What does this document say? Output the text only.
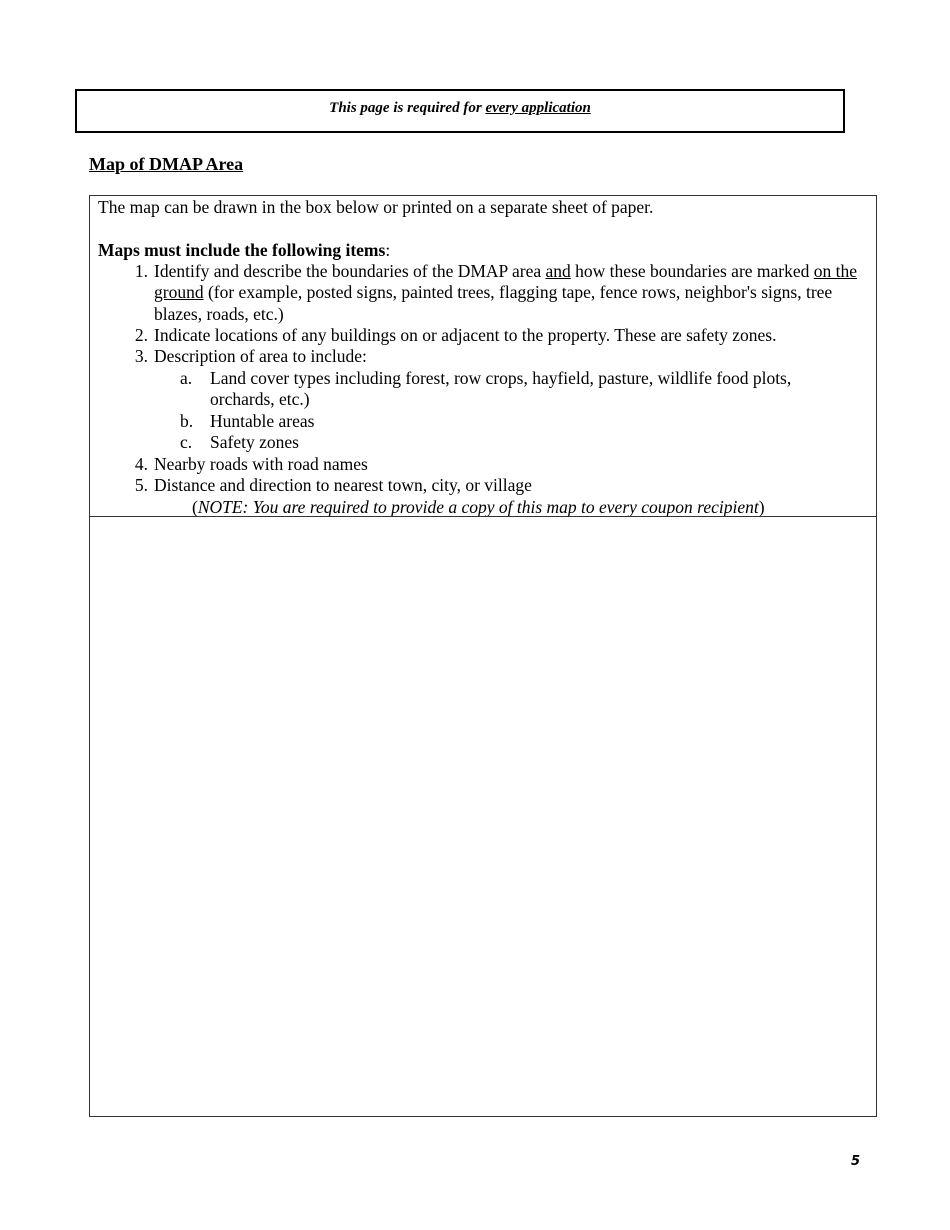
This page is required for every application
Map of DMAP Area

The map can be drawn in the box below or printed on a separate sheet of paper.

Maps must include the following items:

1. Identify and describe the boundaries of the DMAP area and how these boundaries are marked on the ground (for example, posted signs, painted trees, flagging tape, fence rows, neighbor's signs, tree blazes, roads, etc.)
2. Indicate locations of any buildings on or adjacent to the property. These are safety zones.
3. Description of area to include:
a. Land cover types including forest, row crops, hayfield, pasture, wildlife food plots, orchards, etc.)
b. Huntable areas
c. Safety zones
4. Nearby roads with road names
5. Distance and direction to nearest town, city, or village
(NOTE: You are required to provide a copy of this map to every coupon recipient)
5
